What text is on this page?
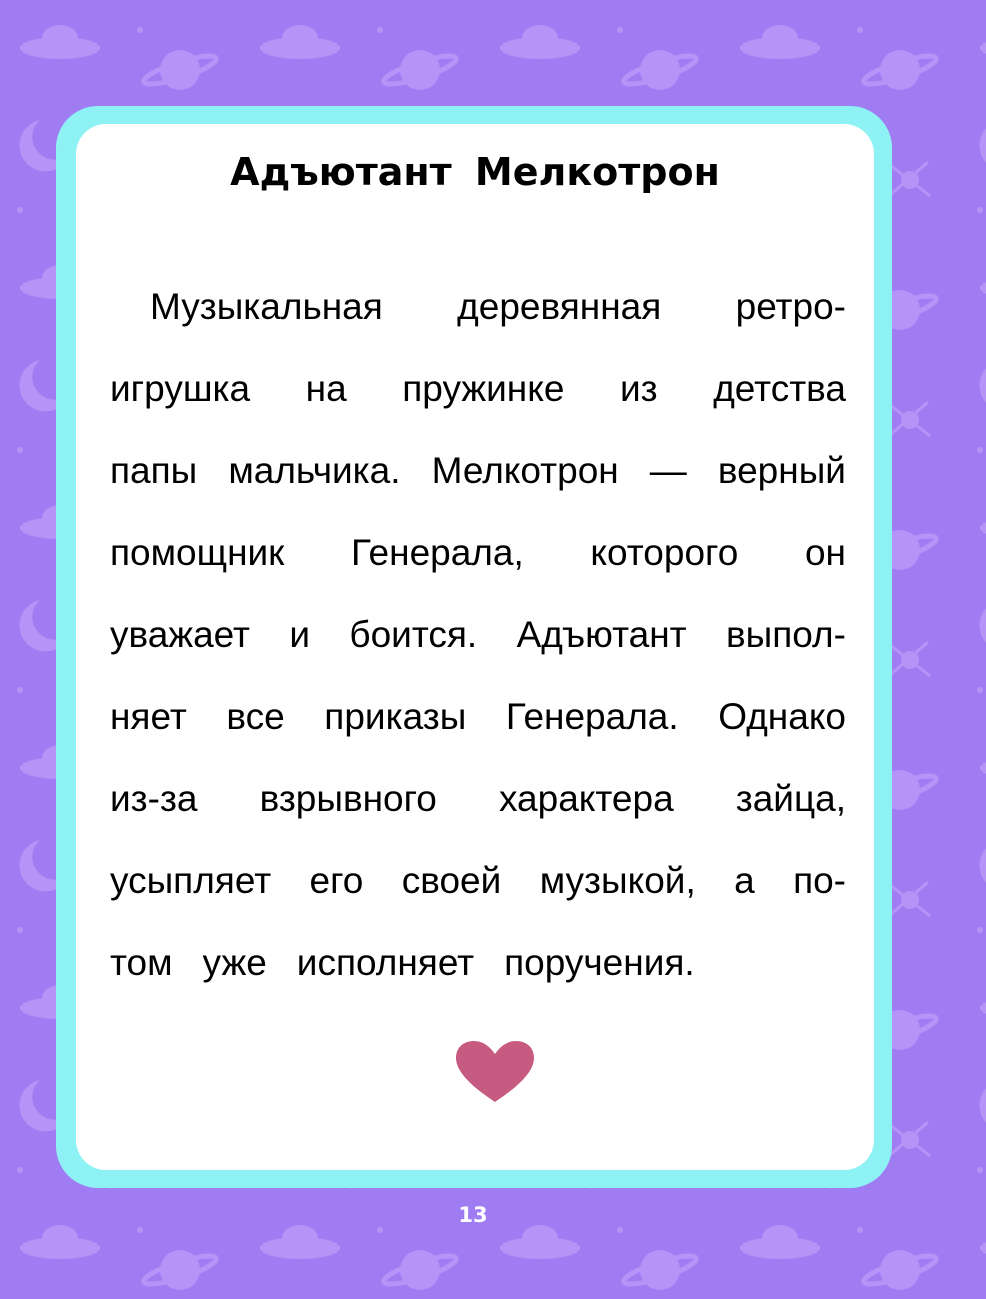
Адъютант Мелкотрон
Музыкальная деревянная ретро-
игрушка на пружинке из детства
папы мальчика. Мелкотрон — верный
помощник Генерала, которого он
уважает и боится. Адъютант выпол-
няет все приказы Генерала. Однако
из-за взрывного характера зайца,
усыпляет его своей музыкой, а по-
том уже исполняет поручения.
13
